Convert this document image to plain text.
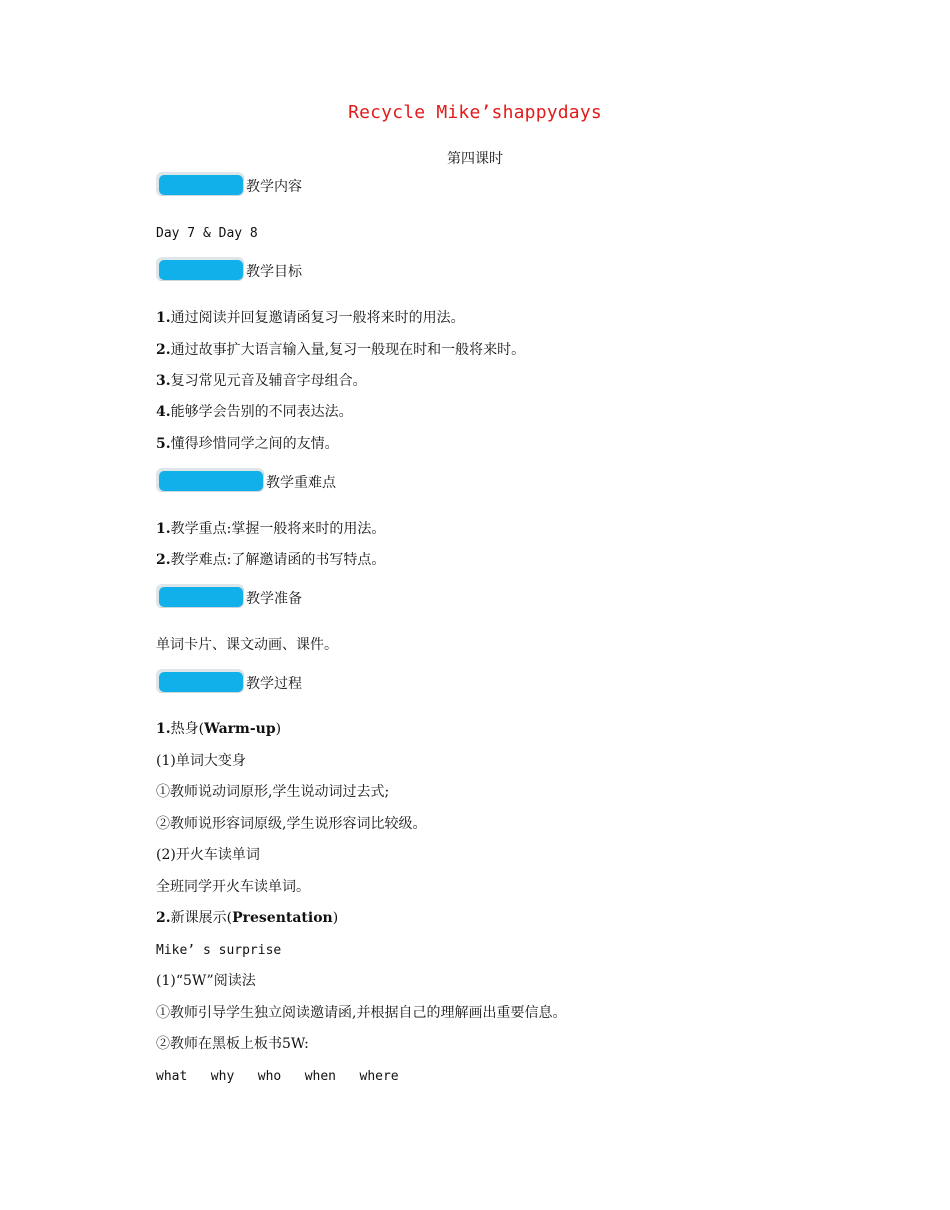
Recycle Mike’shappydays
第四课时
教学内容
Day 7 & Day 8
教学目标
1.通过阅读并回复邀请函复习一般将来时的用法。
2.通过故事扩大语言输入量,复习一般现在时和一般将来时。
3.复习常见元音及辅音字母组合。
4.能够学会告别的不同表达法。
5.懂得珍惜同学之间的友情。
教学重难点
1.教学重点:掌握一般将来时的用法。
2.教学难点:了解邀请函的书写特点。
教学准备
单词卡片、课文动画、课件。
教学过程
1.热身(Warm-up)
(1)单词大变身
①教师说动词原形,学生说动词过去式;
②教师说形容词原级,学生说形容词比较级。
(2)开火车读单词
全班同学开火车读单词。
2.新课展示(Presentation)
Mike’ s surprise
(1)“5W”阅读法
①教师引导学生独立阅读邀请函,并根据自己的理解画出重要信息。
②教师在黑板上板书5W:
what   why   who   when   where
